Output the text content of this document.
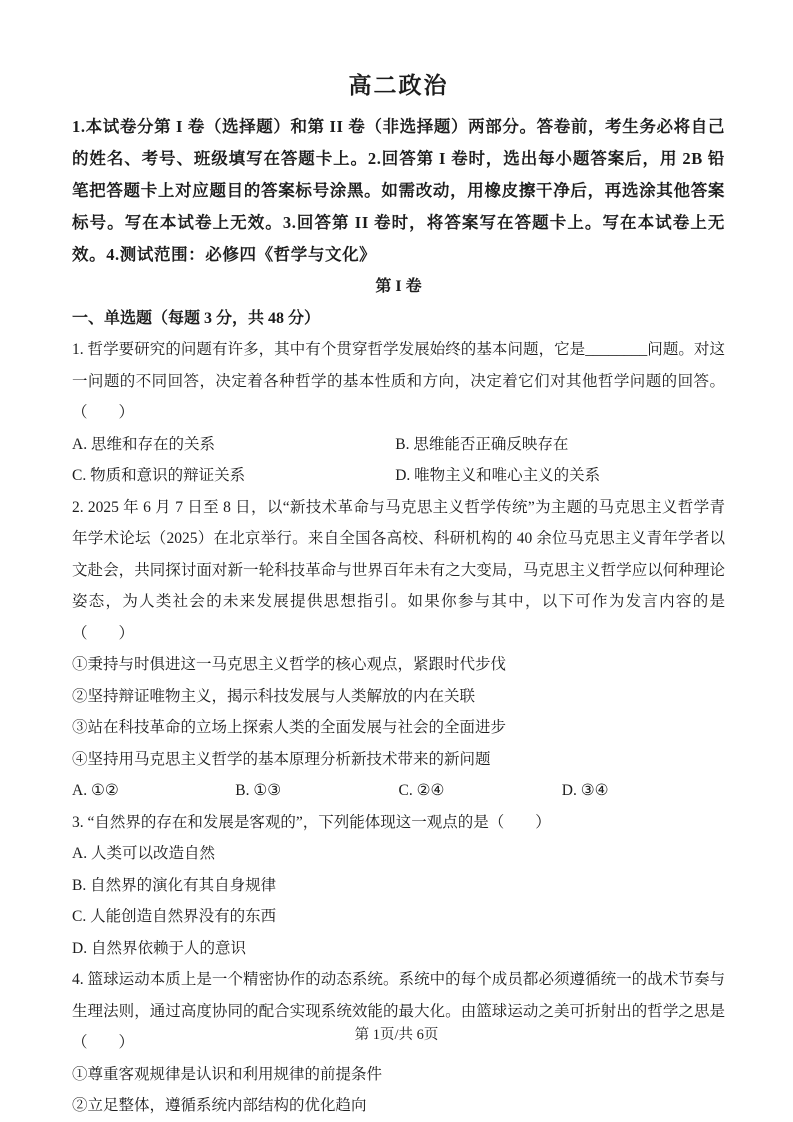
高二政治

1.本试卷分第 I 卷（选择题）和第 II 卷（非选择题）两部分。答卷前，考生务必将自己的姓名、考号、班级填写在答题卡上。2.回答第 I 卷时，选出每小题答案后，用 2B 铅笔把答题卡上对应题目的答案标号涂黑。如需改动，用橡皮擦干净后，再选涂其他答案标号。写在本试卷上无效。3.回答第 II 卷时，将答案写在答题卡上。写在本试卷上无效。4.测试范围：必修四《哲学与文化》

第 I 卷
一、单选题（每题 3 分，共 48 分）

1. 哲学要研究的问题有许多，其中有个贯穿哲学发展始终的基本问题，它是________问题。对这一问题的不同回答，决定着各种哲学的基本性质和方向，决定着它们对其他哲学问题的回答。（　　）

A. 思维和存在的关系	B. 思维能否正确反映存在
C. 物质和意识的辩证关系	D. 唯物主义和唯心主义的关系

2. 2025 年 6 月 7 日至 8 日，以“新技术革命与马克思主义哲学传统”为主题的马克思主义哲学青年学术论坛（2025）在北京举行。来自全国各高校、科研机构的 40 余位马克思主义青年学者以文赴会，共同探讨面对新一轮科技革命与世界百年未有之大变局，马克思主义哲学应以何种理论姿态，为人类社会的未来发展提供思想指引。如果你参与其中，以下可作为发言内容的是（　　）

①秉持与时俱进这一马克思主义哲学的核心观点，紧跟时代步伐
②坚持辩证唯物主义，揭示科技发展与人类解放的内在关联
③站在科技革命的立场上探索人类的全面发展与社会的全面进步
④坚持用马克思主义哲学的基本原理分析新技术带来的新问题
A. ①②	B. ①③	C. ②④	D. ③④

3. “自然界的存在和发展是客观的”，下列能体现这一观点的是（　　）

A. 人类可以改造自然
B. 自然界的演化有其自身规律
C. 人能创造自然界没有的东西
D. 自然界依赖于人的意识

4. 篮球运动本质上是一个精密协作的动态系统。系统中的每个成员都必须遵循统一的战术节奏与生理法则，通过高度协同的配合实现系统效能的最大化。由篮球运动之美可折射出的哲学之思是（　　）

①尊重客观规律是认识和利用规律的前提条件
②立足整体，遵循系统内部结构的优化趋向
第 1页/共 6页
